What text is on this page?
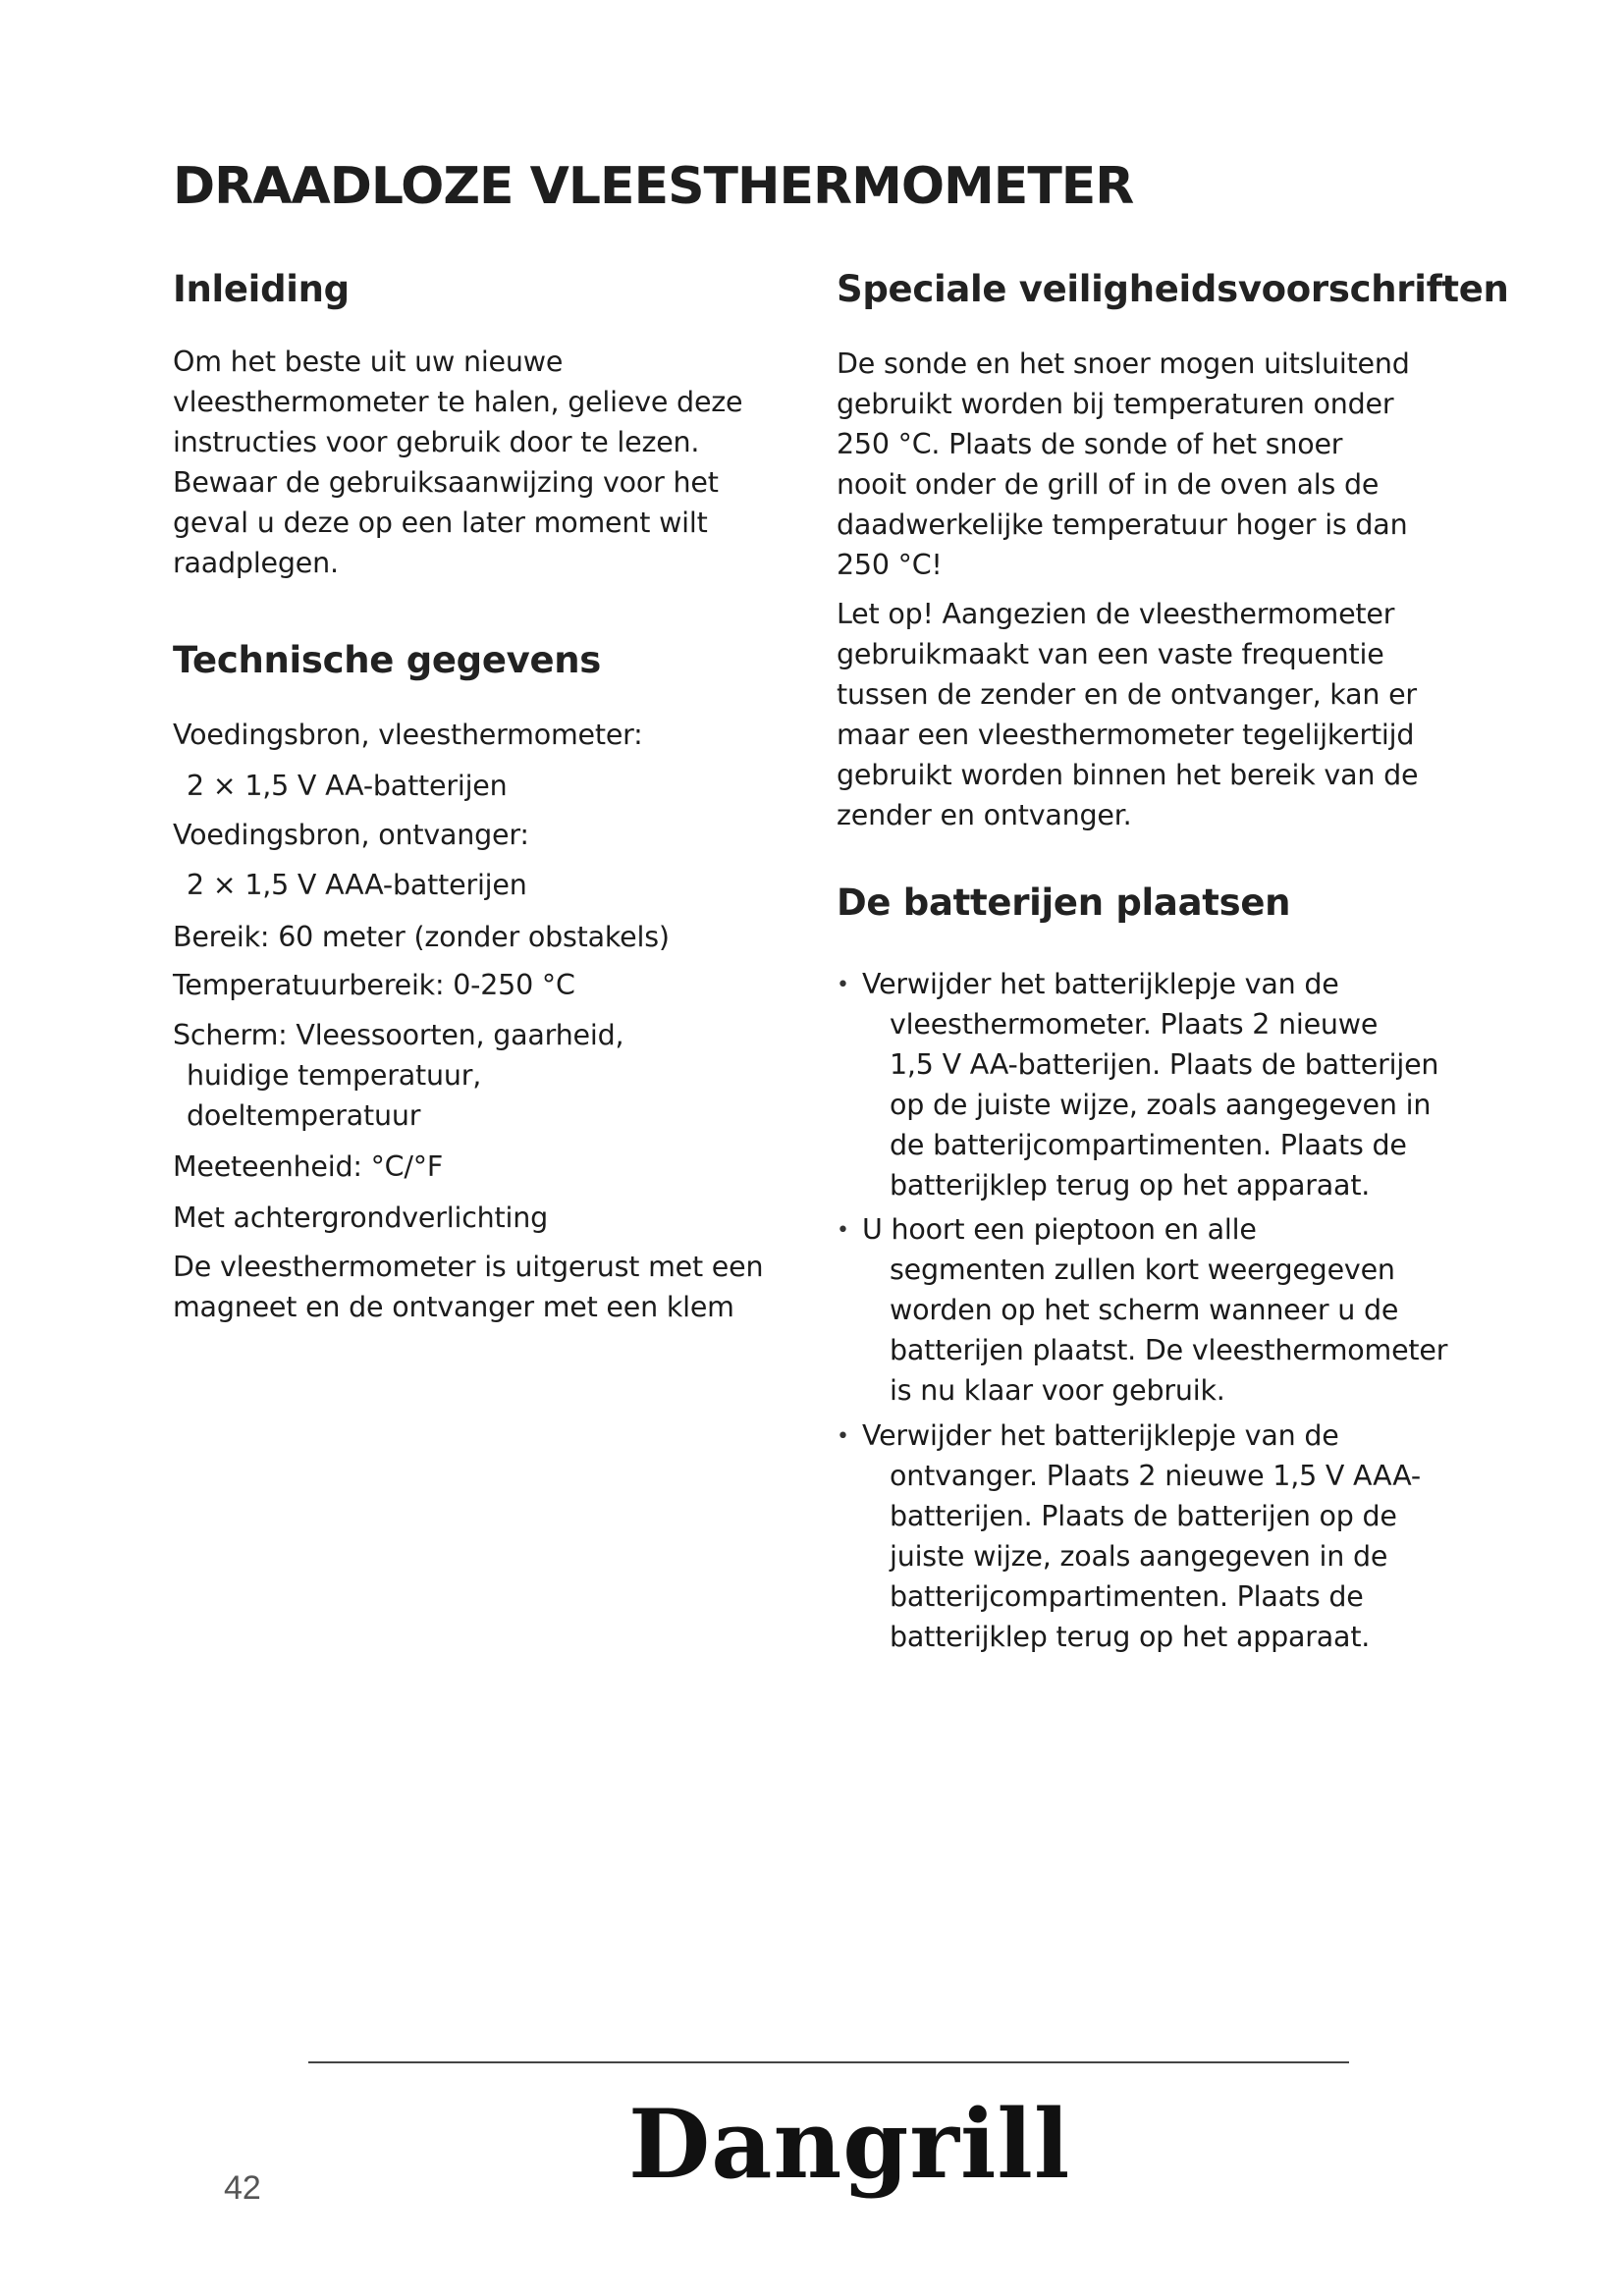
DRAADLOZE VLEESTHERMOMETER
Inleiding
Om het beste uit uw nieuwe
vleesthermometer te halen, gelieve deze
instructies voor gebruik door te lezen.
Bewaar de gebruiksaanwijzing voor het
geval u deze op een later moment wilt
raadplegen.
Technische gegevens

Voedingsbron, vleesthermometer:

2 × 1,5 V AA-batterijen

Voedingsbron, ontvanger:

2 × 1,5 V AAA-batterijen

Bereik: 60 meter (zonder obstakels)

Temperatuurbereik: 0-250 °C

Scherm: Vleessoorten, gaarheid,

huidige temperatuur,

doeltemperatuur

Meeteenheid: °C/°F

Met achtergrondverlichting

De vleesthermometer is uitgerust met een

magneet en de ontvanger met een klem

Speciale veiligheidsvoorschriften
De sonde en het snoer mogen uitsluitend
gebruikt worden bij temperaturen onder
250 °C. Plaats de sonde of het snoer
nooit onder de grill of in de oven als de
daadwerkelijke temperatuur hoger is dan
250 °C!
Let op! Aangezien de vleesthermometer
gebruikmaakt van een vaste frequentie
tussen de zender en de ontvanger, kan er
maar een vleesthermometer tegelijkertijd
gebruikt worden binnen het bereik van de
zender en ontvanger.
De batterijen plaatsen
• Verwijder het batterijklepje van de
vleesthermometer. Plaats 2 nieuwe
1,5 V AA-batterijen. Plaats de batterijen
op de juiste wijze, zoals aangegeven in
de batterijcompartimenten. Plaats de
batterijklep terug op het apparaat.
• U hoort een pieptoon en alle
segmenten zullen kort weergegeven
worden op het scherm wanneer u de
batterijen plaatst. De vleesthermometer
is nu klaar voor gebruik.
• Verwijder het batterijklepje van de
ontvanger. Plaats 2 nieuwe 1,5 V AAA-
batterijen. Plaats de batterijen op de
juiste wijze, zoals aangegeven in de
batterijcompartimenten. Plaats de
batterijklep terug op het apparaat.

Dangrill

42
